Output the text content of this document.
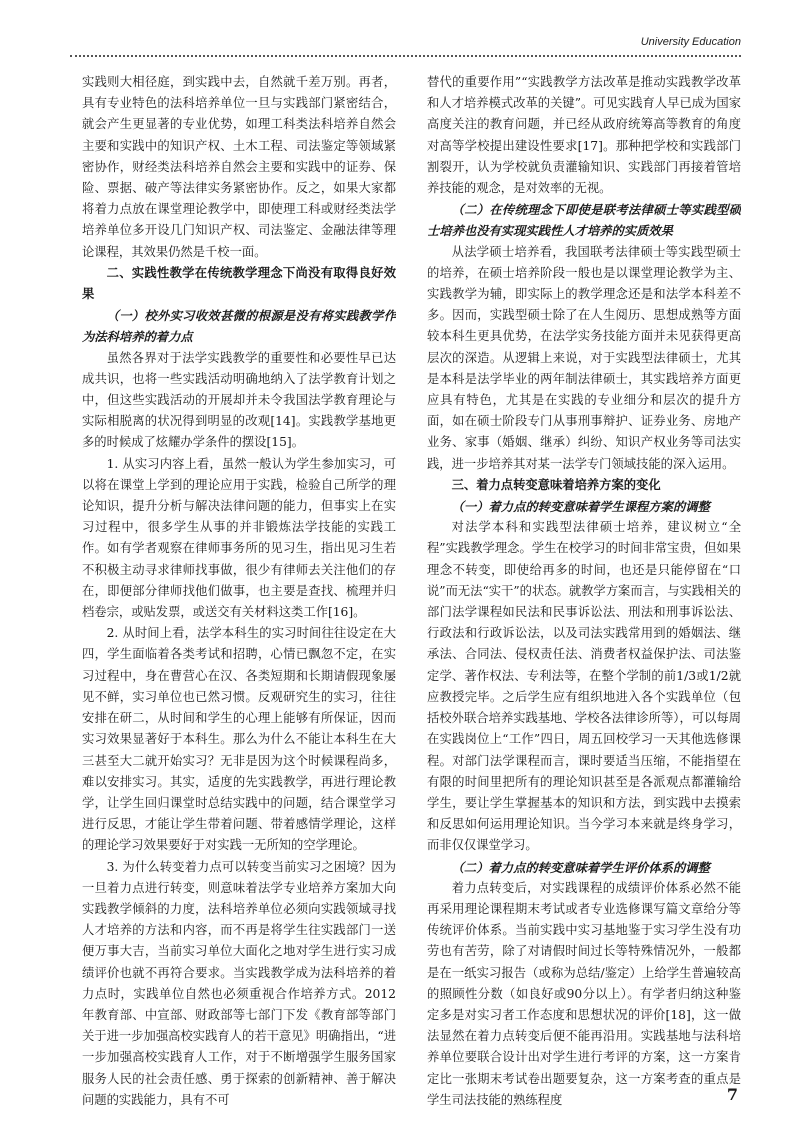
University Education

实践则大相径庭，到实践中去，自然就千差万别。再者，具有专业特色的法科培养单位一旦与实践部门紧密结合，就会产生更显著的专业优势，如理工科类法科培养自然会主要和实践中的知识产权、土木工程、司法鉴定等领域紧密协作，财经类法科培养自然会主要和实践中的证券、保险、票据、破产等法律实务紧密协作。反之，如果大家都将着力点放在课堂理论教学中，即使理工科或财经类法学培养单位多开设几门知识产权、司法鉴定、金融法律等理论课程，其效果仍然是千校一面。

二、实践性教学在传统教学理念下尚没有取得良好效果
（一）校外实习收效甚微的根源是没有将实践教学作为法科培养的着力点

虽然各界对于法学实践教学的重要性和必要性早已达成共识，也将一些实践活动明确地纳入了法学教育计划之中，但这些实践活动的开展却并未令我国法学教育理论与实际相脱离的状况得到明显的改观[14]。实践教学基地更多的时候成了炫耀办学条件的摆设[15]。

1. 从实习内容上看，虽然一般认为学生参加实习，可以将在课堂上学到的理论应用于实践，检验自己所学的理论知识，提升分析与解决法律问题的能力，但事实上在实习过程中，很多学生从事的并非锻炼法学技能的实践工作。如有学者观察在律师事务所的见习生，指出见习生若不积极主动寻求律师找事做，很少有律师去关注他们的存在，即便部分律师找他们做事，也主要是查找、梳理并归档卷宗，或贴发票，或送交有关材料这类工作[16]。

2. 从时间上看，法学本科生的实习时间往往设定在大四，学生面临着各类考试和招聘，心情已飘忽不定，在实习过程中，身在曹营心在汉、各类短期和长期请假现象屡见不鲜，实习单位也已然习惯。反观研究生的实习，往往安排在研二，从时间和学生的心理上能够有所保证，因而实习效果显著好于本科生。那么为什么不能让本科生在大三甚至大二就开始实习？无非是因为这个时候课程尚多，难以安排实习。其实，适度的先实践教学，再进行理论教学，让学生回归课堂时总结实践中的问题，结合课堂学习进行反思，才能让学生带着问题、带着感情学理论，这样的理论学习效果要好于对实践一无所知的空学理论。

3. 为什么转变着力点可以转变当前实习之困境？因为一旦着力点进行转变，则意味着法学专业培养方案加大向实践教学倾斜的力度，法科培养单位必须向实践领域寻找人才培养的方法和内容，而不再是将学生往实践部门一送便万事大吉，当前实习单位大面化之地对学生进行实习成绩评价也就不再符合要求。当实践教学成为法科培养的着力点时，实践单位自然也必须重视合作培养方式。2012年教育部、中宣部、财政部等七部门下发《教育部等部门关于进一步加强高校实践育人的若干意见》明确指出，“进一步加强高校实践育人工作，对于不断增强学生服务国家服务人民的社会责任感、勇于探索的创新精神、善于解决问题的实践能力，具有不可

替代的重要作用”“实践教学方法改革是推动实践教学改革和人才培养模式改革的关键”。可见实践育人早已成为国家高度关注的教育问题，并已经从政府统筹高等教育的角度对高等学校提出建设性要求[17]。那种把学校和实践部门割裂开，认为学校就负责灌输知识、实践部门再接着管培养技能的观念，是对效率的无视。

（二）在传统理念下即使是联考法律硕士等实践型硕士培养也没有实现实践性人才培养的实质效果

从法学硕士培养看，我国联考法律硕士等实践型硕士的培养，在硕士培养阶段一般也是以课堂理论教学为主、实践教学为辅，即实际上的教学理念还是和法学本科差不多。因而，实践型硕士除了在人生阅历、思想成熟等方面较本科生更具优势，在法学实务技能方面并未见获得更高层次的深造。从逻辑上来说，对于实践型法律硕士，尤其是本科是法学毕业的两年制法律硕士，其实践培养方面更应具有特色，尤其是在实践的专业细分和层次的提升方面，如在硕士阶段专门从事刑事辩护、证券业务、房地产业务、家事（婚姻、继承）纠纷、知识产权业务等司法实践，进一步培养其对某一法学专门领域技能的深入运用。

三、着力点转变意味着培养方案的变化
（一）着力点的转变意味着学生课程方案的调整

对法学本科和实践型法律硕士培养，建议树立“全程”实践教学理念。学生在校学习的时间非常宝贵，但如果理念不转变，即使给再多的时间，也还是只能停留在“口说”而无法“实干”的状态。就教学方案而言，与实践相关的部门法学课程如民法和民事诉讼法、刑法和刑事诉讼法、行政法和行政诉讼法，以及司法实践常用到的婚姻法、继承法、合同法、侵权责任法、消费者权益保护法、司法鉴定学、著作权法、专利法等，在整个学制的前1/3或1/2就应教授完毕。之后学生应有组织地进入各个实践单位（包括校外联合培养实践基地、学校各法律诊所等），可以每周在实践岗位上“工作”四日，周五回校学习一天其他选修课程。对部门法学课程而言，课时要适当压缩，不能指望在有限的时间里把所有的理论知识甚至是各派观点都灌输给学生，要让学生掌握基本的知识和方法，到实践中去摸索和反思如何运用理论知识。当今学习本来就是终身学习，而非仅仅课堂学习。

（二）着力点的转变意味着学生评价体系的调整

着力点转变后，对实践课程的成绩评价体系必然不能再采用理论课程期末考试或者专业选修课写篇文章给分等传统评价体系。当前实践中实习基地鉴于实习学生没有功劳也有苦劳，除了对请假时间过长等特殊情况外，一般都是在一纸实习报告（或称为总结/鉴定）上给学生普遍较高的照顾性分数（如良好或90分以上）。有学者归纳这种鉴定多是对实习者工作态度和思想状况的评价[18]，这一做法显然在着力点转变后便不能再沿用。实践基地与法科培养单位要联合设计出对学生进行考评的方案，这一方案肯定比一张期末考试卷出题要复杂，这一方案考查的重点是学生司法技能的熟练程度	7
